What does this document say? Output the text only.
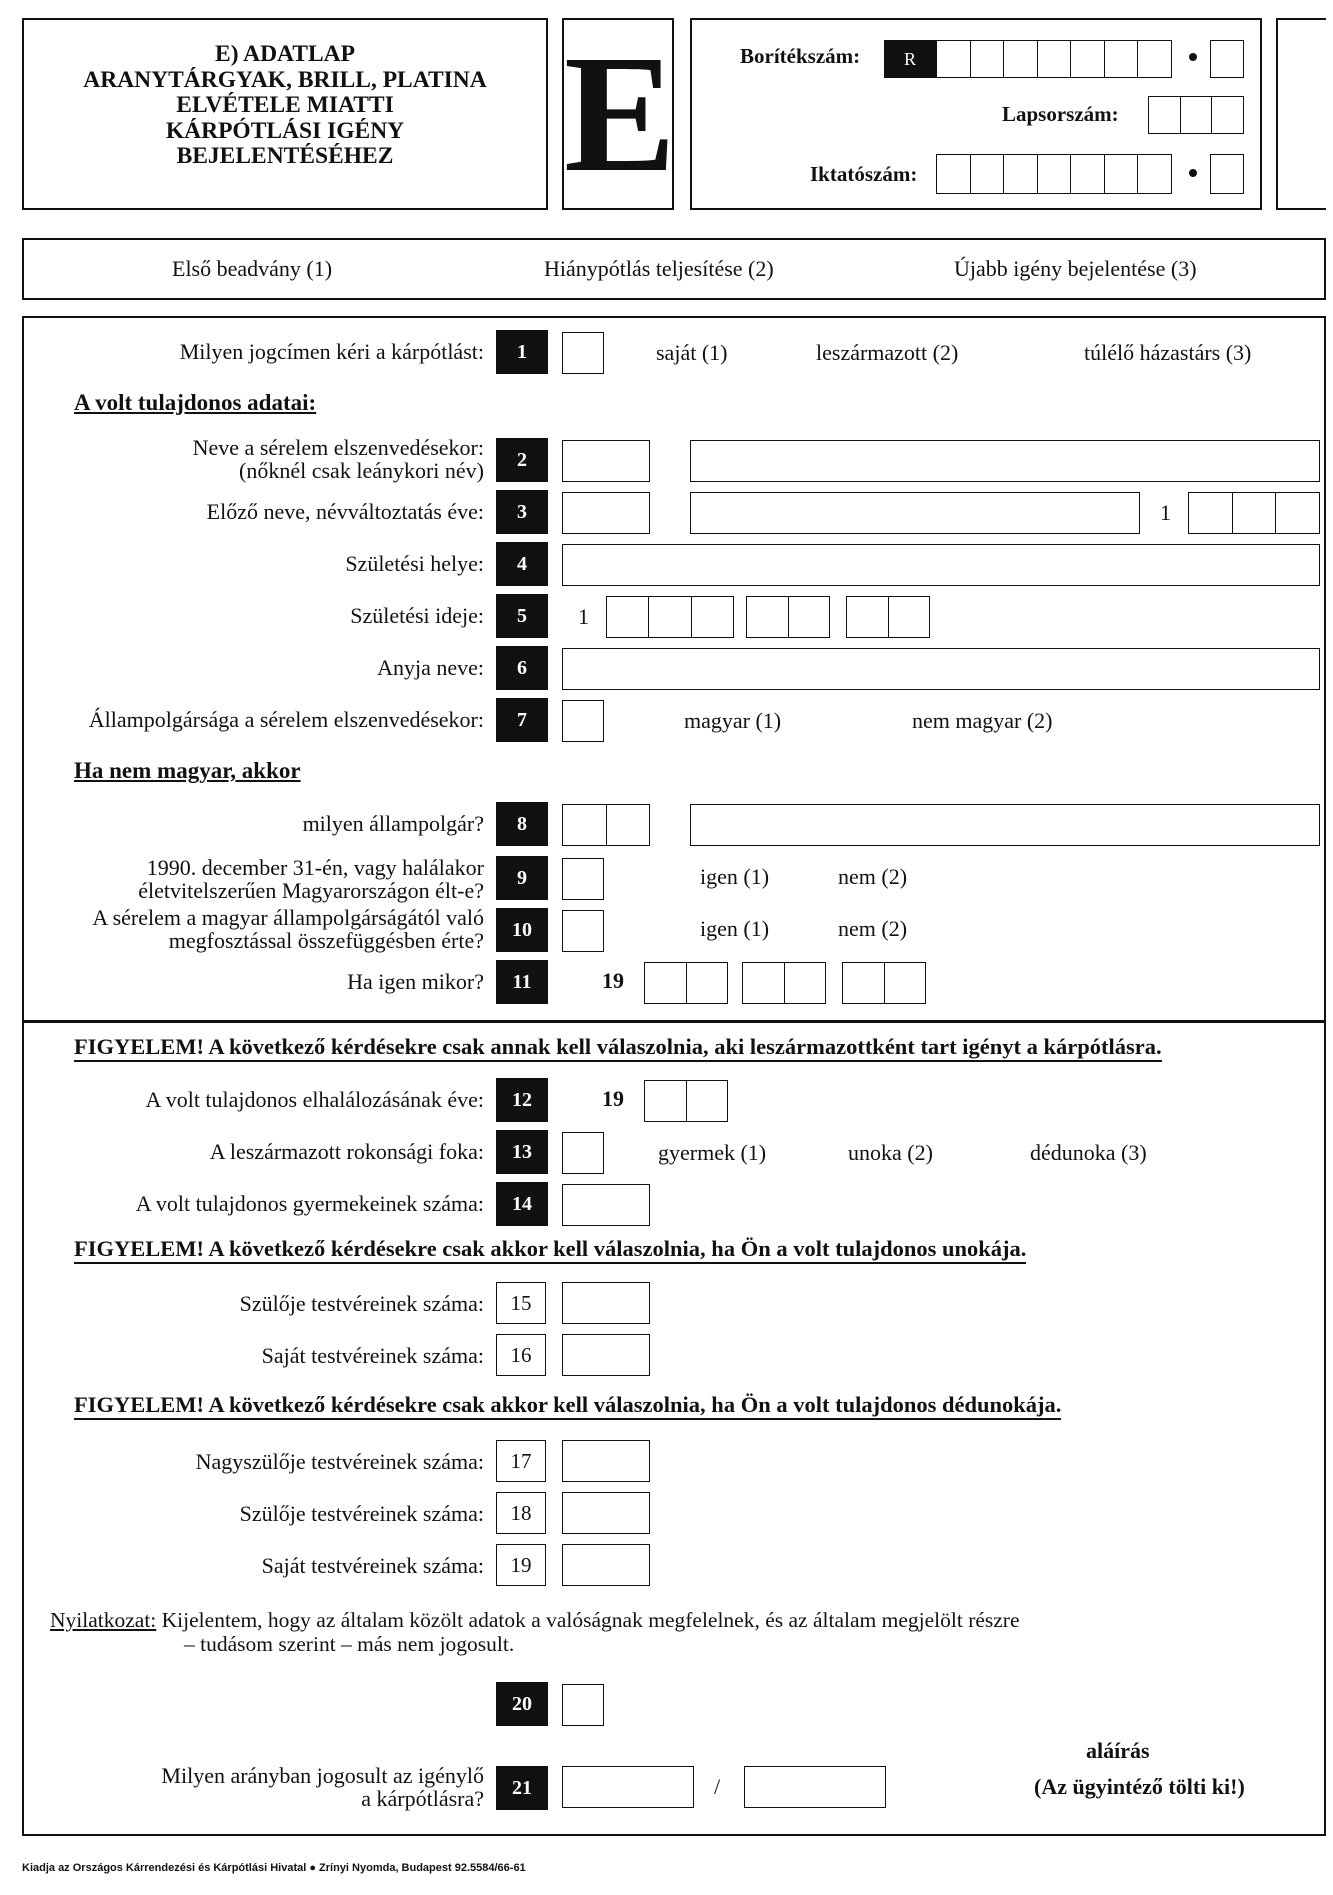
E) ADATLAP
ARANYTÁRGYAK, BRILL, PLATINA
ELVÉTELE MIATTI
KÁRPÓTLÁSI IGÉNY
BEJELENTÉSÉHEZ	E	Borítékszám:	R
Lapsorszám:
Iktatószám:
Első beadvány (1)	Hiánypótlás teljesítése (2)	Újabb igény bejelentése (3)
Milyen jogcímen kéri a kárpótlást:	1	saját (1)	leszármazott (2)	túlélő házastárs (3)
A volt tulajdonos adatai:
Neve a sérelem elszenvedésekor:
(nőknél csak leánykori név)	2
Előző neve, névváltoztatás éve:	3	1
Születési helye:	4
Születési ideje:	5	1
Anyja neve:	6
Állampolgársága a sérelem elszenvedésekor:	7	magyar (1)	nem magyar (2)
Ha nem magyar, akkor
milyen állampolgár?	8
1990. december 31-én, vagy halálakor
életvitelszerűen Magyarországon élt-e?
9	igen (1)	nem (2)
A sérelem a magyar állampolgárságától való
megfosztással összefüggésben érte?	10	igen (1)	nem (2)
Ha igen mikor?	11	19
FIGYELEM! A következő kérdésekre csak annak kell válaszolnia, aki leszármazottként tart igényt a kárpótlásra.
A volt tulajdonos elhalálozásának éve:	12	19
A leszármazott rokonsági foka:	13	gyermek (1)	unoka (2)	dédunoka (3)
A volt tulajdonos gyermekeinek száma:	14
FIGYELEM! A következő kérdésekre csak akkor kell válaszolnia, ha Ön a volt tulajdonos unokája.
Szülője testvéreinek száma:	15
Saját testvéreinek száma:	16
FIGYELEM! A következő kérdésekre csak akkor kell válaszolnia, ha Ön a volt tulajdonos dédunokája.
Nagyszülője testvéreinek száma:	17
Szülője testvéreinek száma:	18
Saját testvéreinek száma:	19
Nyilatkozat: Kijelentem, hogy az általam közölt adatok a valóságnak megfelelnek, és az általam megjelölt részre
– tudásom szerint – más nem jogosult.
20
aláírás
Milyen arányban jogosult az igénylő
a kárpótlásra?	21	/	(Az ügyintéző tölti ki!)
Kiadja az Országos Kárrendezési és Kárpótlási Hivatal ● Zrínyi Nyomda, Budapest 92.5584/66-61
